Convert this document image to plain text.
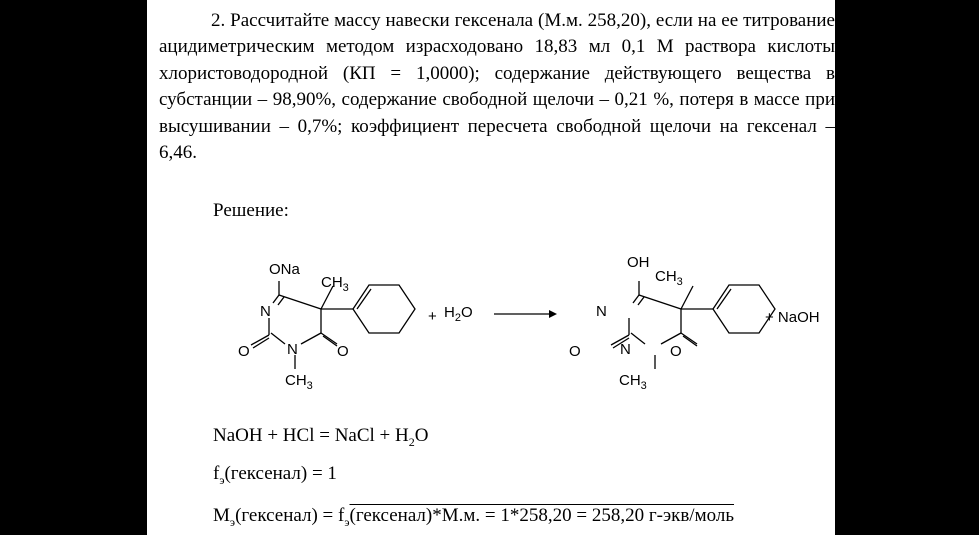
2. Рассчитайте массу навески гексенала (М.м. 258,20), если на ее титрование ацидиметрическим методом израсходовано 18,83 мл 0,1 М раствора кислоты хлористоводородной (КП = 1,0000); содержание действующего вещества в субстанции – 98,90%, содержание свободной щелочи – 0,21 %, потеря в массе при высушивании – 0,7%; коэффициент пересчета свободной щелочи на гексенал – 6,46.

Решение:

ONa
$CH_3$
N
O N	O
$CH_3$
+ $H_2O$
OH
$CH_3$
N
O	N	O
$CH_3$
+ NaOH

NaOH + HCl = NaCl + $H_2O$

$f_э(гексенал) = 1$

$М_э(гексенал)$ = $f_э(гексенал)*М.м$. = 1*258,20 = 258,20 г-экв/моль
